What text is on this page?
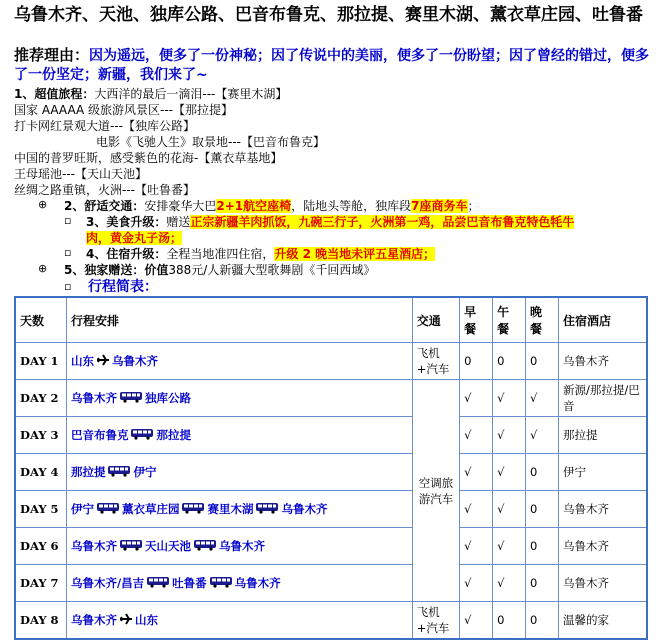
乌鲁木齐、天池、独库公路、巴音布鲁克、那拉提、赛里木湖、薰衣草庄园、吐鲁番
推荐理由：因为遥远，便多了一份神秘；因了传说中的美丽，便多了一份盼望；因了曾经的错过，便多了一份坚定；新疆，我们来了~
1、超值旅程：大西洋的最后一滴泪---【赛里木湖】
国家 AAAAA 级旅游风景区---【那拉提】
打卡网红景观大道---【独库公路】
电影《飞驰人生》取景地---【巴音布鲁克】
中国的普罗旺斯，感受紫色的花海-【薰衣草基地】
王母瑶池---【天山天池】
丝绸之路重镇，火洲---【吐鲁番】
⊕ 2、舒适交通：安排豪华大巴2+1航空座椅，陆地头等舱，独库段7座商务车；
▫ 3、美食升级：赠送正宗新疆羊肉抓饭，九碗三行子，火洲第一鸡，品尝巴音布鲁克特色牦牛
肉，黄金丸子汤；
▫ 4、住宿升级：全程当地准四住宿，升级 2 晚当地未评五星酒店；
⊕ 5、独家赠送：价值388元/人新疆大型歌舞剧《千回西域》
▫ 行程简表：
天数	行程安排	交通	早餐	午餐	晚餐	住宿酒店
DAY 1	山东 乌鲁木齐	飞机+汽车	0	0	0	乌鲁木齐
DAY 2	乌鲁木齐 独库公路	空调旅游汽车	√	√	√	新源/那拉提/巴音
DAY 3	巴音布鲁克 那拉提		√	√	√	那拉提
DAY 4	那拉提 伊宁		√	√	0	伊宁
DAY 5	伊宁 薰衣草庄园 赛里木湖 乌鲁木齐		√	√	0	乌鲁木齐
DAY 6	乌鲁木齐 天山天池 乌鲁木齐		√	√	0	乌鲁木齐
DAY 7	乌鲁木齐/昌吉 吐鲁番 乌鲁木齐		√	√	0	乌鲁木齐
DAY 8	乌鲁木齐 山东	飞机+汽车	√	0	0	温馨的家
